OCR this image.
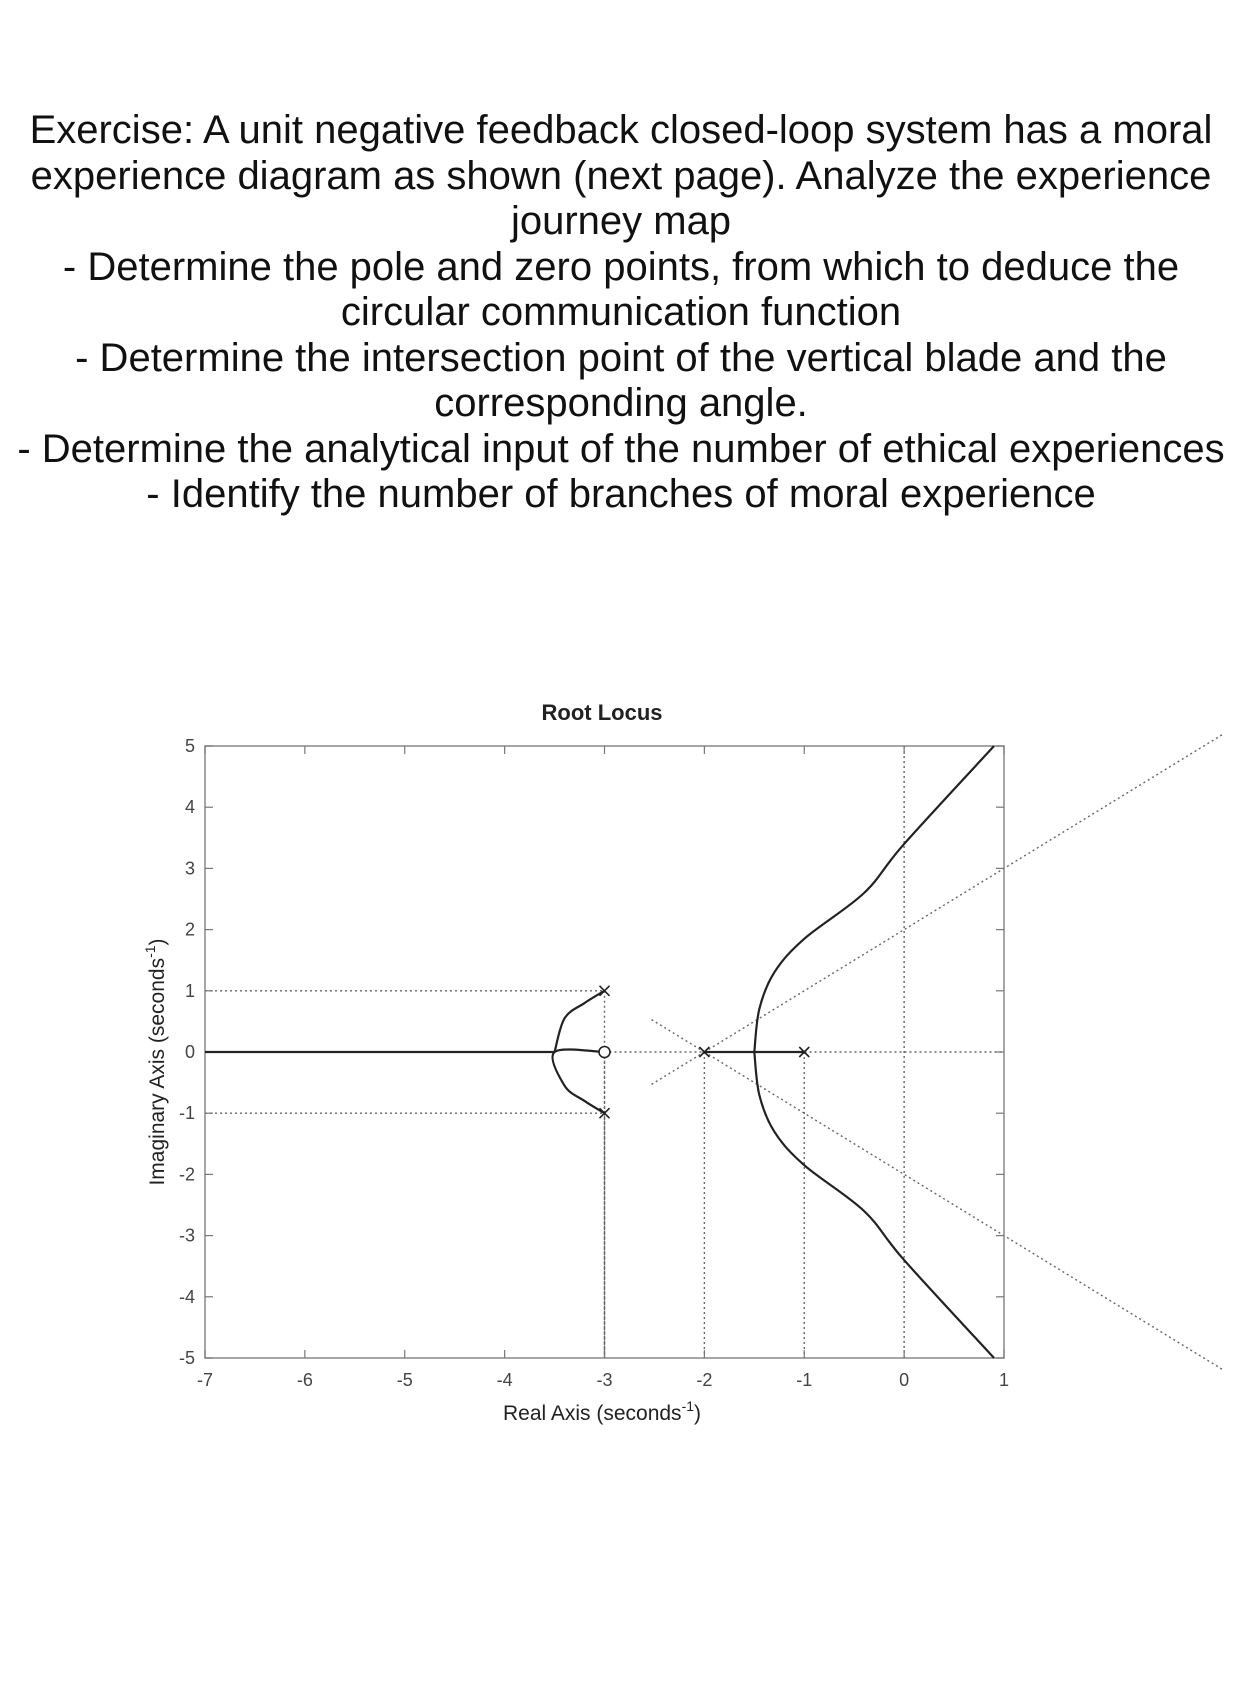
Exercise: A unit negative feedback closed-loop system has a moral

experience diagram as shown (next page). Analyze the experience

journey map

- Determine the pole and zero points, from which to deduce the

circular communication function

- Determine the intersection point of the vertical blade and the

corresponding angle.

- Determine the analytical input of the number of ethical experiences

- Identify the number of branches of moral experience

Root Locus
-7	-6	-5	-4	-3	-2	-1	0	1
-5
-4
-3
-2
-1
0
1
2
3
4
5
Real Axis (seconds$^{-1}$)
Imaginary Axis (seconds$^{-1}$)
